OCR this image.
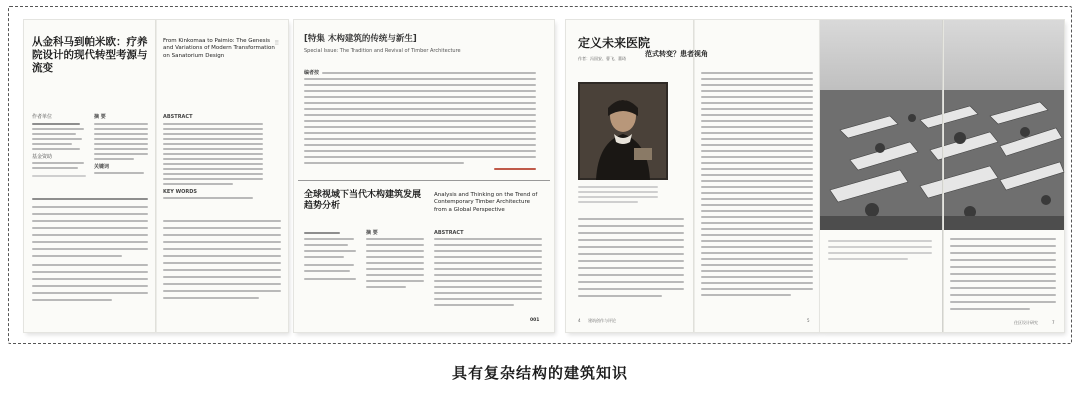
从金科马到帕米欧：疗养院设计的现代转型考源与流变
作者单位
基金资助
摘 要
关键词
From Kinkomaa to Paimio: The Genesis and Variations of Modern Transformation on Sanatorium Design
||||
ABSTRACT
KEY WORDS
[特集 木构建筑的传统与新生]
Special Issue: The Tradition and Revival of Timber Architecture
编者按
全球视域下当代木构建筑发展趋势分析
Analysis and Thinking on the Trend of Contemporary Timber Architecture from a Global Perspective
摘 要	ABSTRACT
001
定义未来医院
作者：冯国安、曹飞、董琦
4 建筑创作与评论
范式转变？患者视角
5	住区设计研究	7
具有复杂结构的建筑知识
